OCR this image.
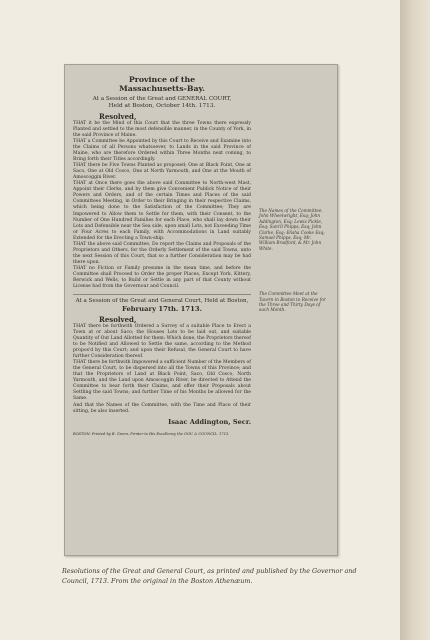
Province of the
Massachusetts-Bay.
At a Session of the Great and GENERAL COURT,
Held at Boston, October 14th. 1713.
Resolved,

THAT it be the Mind of this Court that the three Towns there expressly Planted and settled to the most defensible manner, in the County of York, in the said Province of Maine.

THAT a Committee be Appointed by this Court to Receive and Examine into the Claims of all Persons whatsoever, to Lands in the said Province of Maine, who are therefore Ordered within Three Months next coming, to Bring forth their Titles accordingly.

THAT there be Five Towns Planted as proposed; One at Black Point, One at Saco, One at Old Cosco, One at North Yarmouth, and One at the Mouth of Amoscoggin River.

THAT at Once there goes the above said Committee to North-west Mast, Appoint their Clerks, and by them give Convenient Publick Notice of their Powers and Orders, and of the certain Times and Places of the said Committees Meeting, in Order to their Bringing in their respective Claims, which being done to the Satisfaction of the Committee; They are Impowered to Allow them to Settle for them, with their Consent, to the Number of One Hundred Families for each Place, who shall lay down their Lots and Defensible near the Sea side, upon small Lots, not Exceeding Time or Four Acres to each Family, with Accommodations in Land suitably Extended for the Erecting a Town-ship.

THAT the above said Committee, Do report the Claims and Proposals of the Proprietors and Others, for the Orderly Settlement of the said Towns, unto the next Session of this Court, that so a further Consideration may be had there upon.

THAT no Fiction or Family presume in the mean time, and before the Committee shall Proceed to Order the proper Places, Except York, Kittery, Berwick and Wells, to Build or Settle in any part of that County without License had from the Governour and Council.

At a Session of the Great and General Court, Held at Boston,
February 17th. 1713.
Resolved,

THAT there be forthwith Ordered a Survey of a suitable Place to Erect a Town at or about Saco; the Houses Lots to be laid out, and suitable Quantity of Out Land Allotted for them: Which done, the Proprietors thereof to be Notified and Allowed to Settle the same, according to the Method propos'd by this Court; and upon their Refusal, the General Court to have further Consideration thereof.

THAT there be forthwith Impowered a sufficient Number of the Members of the General Court, to be dispersed into all the Towns of this Province; and that the Proprietors of Land at Black Point, Saco, Old Cosco, North Yarmouth, and the Land upon Amoscoggin River, be directed to Attend the Committee to bear forth their Claims, and offer their Proposals about Settling the said Towns; and further Time of his Months be allowed for the Same.

And that the Names of the Committee, with the Time and Place of their sitting, be also inserted.

Isaac Addington, Secr.
BOSTON: Printed by B. Green, Printer to His Excellency the GOV. & COUNCIL. 1713.
The Names of the Committee. John Wheelwright, Esq; John Addington, Esq; Lewis Pickle, Esq; Sam'll Phipps, Esq; John Clarke, Esq; Elisha Cooke Esq; Samuel Phipps, Esq; Mr. William Bradford, & Mr. John White.
The Committee Meet at the Tavern in Boston to Receive for the Three and Thirty Days of each Month.
Resolutions of the Great and General Court, as printed and published by the Governor and Council, 1713. From the original in the Boston Athenæum.
